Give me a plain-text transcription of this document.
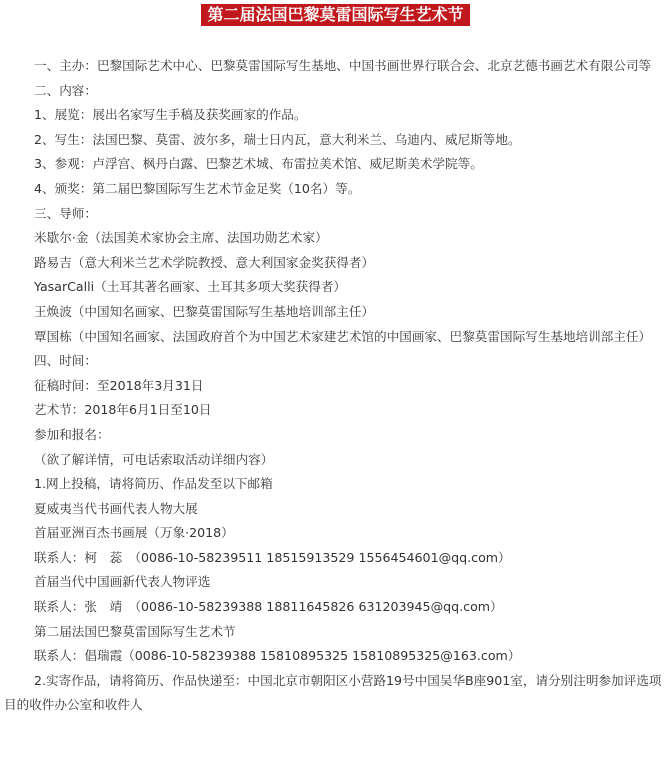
第二届法国巴黎莫雷国际写生艺术节

一、主办：巴黎国际艺术中心、巴黎莫雷国际写生基地、中国书画世界行联合会、北京艺德书画艺术有限公司等

二、内容：

1、展览：展出名家写生手稿及获奖画家的作品。

2、写生：法国巴黎、莫雷、波尔多，瑞士日内瓦，意大利米兰、乌迪内、威尼斯等地。

3、参观：卢浮宫、枫丹白露、巴黎艺术城、布雷拉美术馆、威尼斯美术学院等。

4、颁奖：第二届巴黎国际写生艺术节金足奖（10名）等。

三、导师：

米歇尔·金（法国美术家协会主席、法国功勋艺术家）

路易吉（意大利米兰艺术学院教授、意大利国家金奖获得者）

YasarCalli（土耳其著名画家、土耳其多项大奖获得者）

王焕波（中国知名画家、巴黎莫雷国际写生基地培训部主任）

覃国栋（中国知名画家、法国政府首个为中国艺术家建艺术馆的中国画家、巴黎莫雷国际写生基地培训部主任）

四、时间：

征稿时间：至2018年3月31日

艺术节：2018年6月1日至10日

参加和报名：

（欲了解详情，可电话索取活动详细内容）

1.网上投稿，请将简历、作品发至以下邮箱

夏威夷当代书画代表人物大展

首届亚洲百杰书画展（万象·2018）

联系人：柯　蕊　（0086-10-58239511 18515913529 1556454601@qq.com）

首届当代中国画新代表人物评选

联系人：张　靖　（0086-10-58239388 18811645826 631203945@qq.com）

第二届法国巴黎莫雷国际写生艺术节

联系人：倡瑞霞（0086-10-58239388 15810895325 15810895325@163.com）

2.实寄作品，请将简历、作品快递至：中国北京市朝阳区小营路19号中国吴华B座901室，请分别注明参加评选项目的收件办公室和收件人
